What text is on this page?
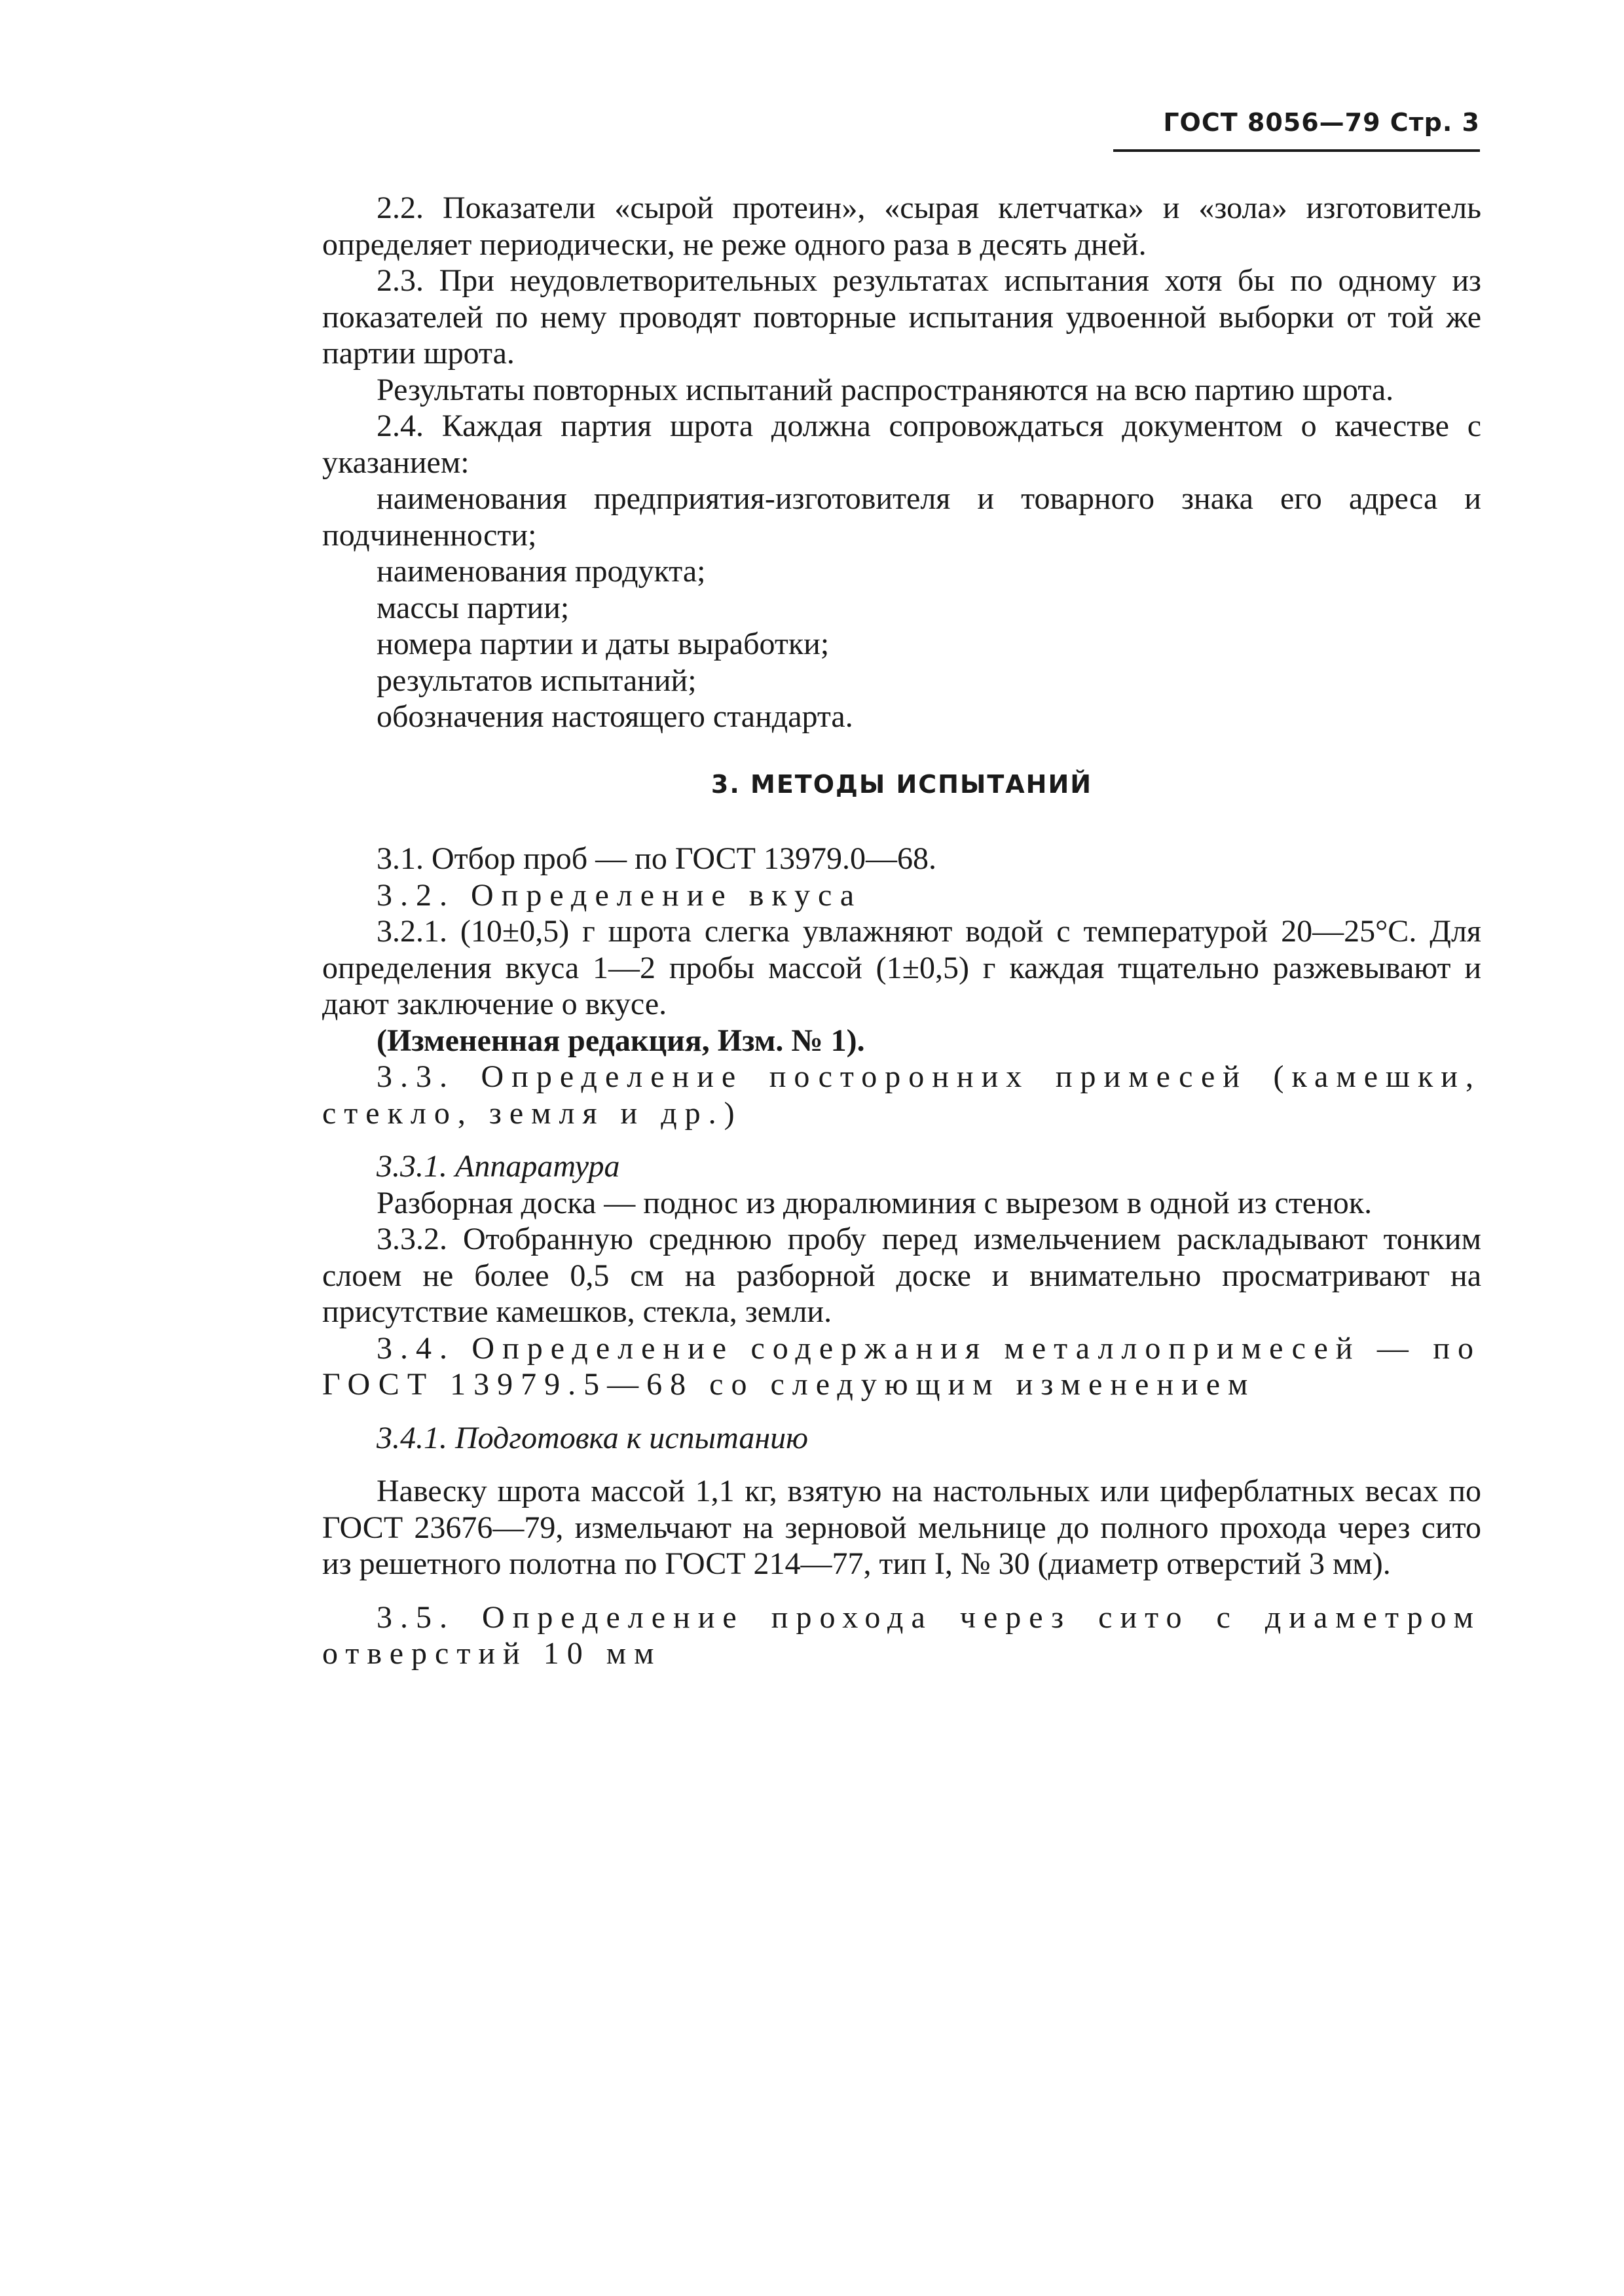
ГОСТ 8056—79 Стр. 3

2.2. Показатели «сырой протеин», «сырая клетчатка» и «зола» изготовитель определяет периодически, не реже одного раза в десять дней.

2.3. При неудовлетворительных результатах испытания хотя бы по одному из показателей по нему проводят повторные испытания удвоенной выборки от той же партии шрота.

Результаты повторных испытаний распространяются на всю партию шрота.

2.4. Каждая партия шрота должна сопровождаться документом о качестве с указанием:

наименования предприятия-изготовителя и товарного знака его адреса и подчиненности;

наименования продукта;

массы партии;

номера партии и даты выработки;

результатов испытаний;

обозначения настоящего стандарта.

3. МЕТОДЫ ИСПЫТАНИЙ

3.1. Отбор проб — по ГОСТ 13979.0—68.

3.2. Определение вкуса

3.2.1. (10±0,5) г шрота слегка увлажняют водой с температурой 20—25°С. Для определения вкуса 1—2 пробы массой (1±0,5) г каждая тщательно разжевывают и дают заключение о вкусе.

(Измененная редакция, Изм. № 1).

3.3. Определение посторонних примесей (камешки, стекло, земля и др.)

3.3.1. Аппаратура

Разборная доска — поднос из дюралюминия с вырезом в одной из стенок.

3.3.2. Отобранную среднюю пробу перед измельчением раскладывают тонким слоем не более 0,5 см на разборной доске и внимательно просматривают на присутствие камешков, стекла, земли.

3.4. Определение содержания металлопримесей — по ГОСТ 13979.5—68 со следующим изменением

3.4.1. Подготовка к испытанию

Навеску шрота массой 1,1 кг, взятую на настольных или циферблатных весах по ГОСТ 23676—79, измельчают на зерновой мельнице до полного прохода через сито из решетного полотна по ГОСТ 214—77, тип I, № 30 (диаметр отверстий 3 мм).

3.5. Определение прохода через сито с диаметром отверстий 10 мм
